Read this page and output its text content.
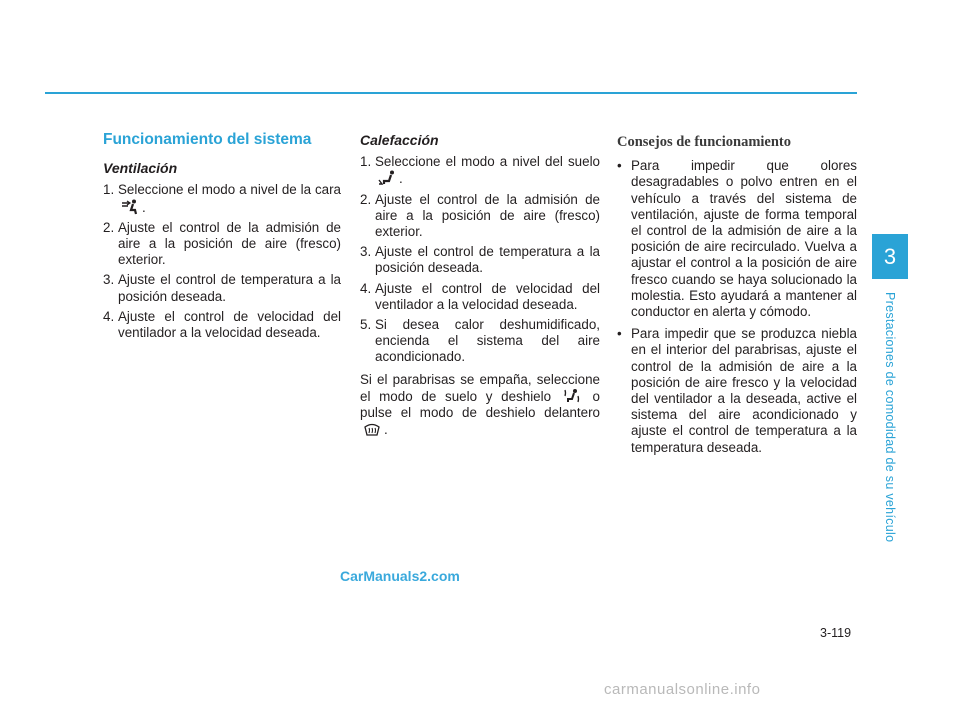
Funcionamiento del sistema
Ventilación
1. Seleccione el modo a nivel de la cara .
2. Ajuste el control de la admisión de aire a la posición de aire (fresco) exterior.
3. Ajuste el control de temperatura a la posición deseada.
4. Ajuste el control de velocidad del ventilador a la velocidad deseada.
Calefacción
1. Seleccione el modo a nivel del suelo .
2. Ajuste el control de la admisión de aire a la posición de aire (fresco) exterior.
3. Ajuste el control de temperatura a la posición deseada.
4. Ajuste el control de velocidad del ventilador a la velocidad deseada.
5. Si desea calor deshumidificado, encienda el sistema del aire acondicionado.

Si el parabrisas se empaña, seleccione el modo de suelo y deshielo	o pulse el modo de deshielo delantero .

Consejos de funcionamiento
• Para impedir que olores desagradables o polvo entren en el vehículo a través del sistema de ventilación, ajuste de forma temporal el control de la admisión de aire a la posición de aire recirculado. Vuelva a ajustar el control a la posición de aire fresco cuando se haya solucionado la molestia. Esto ayudará a mantener al conductor en alerta y cómodo.
• Para impedir que se produzca niebla en el interior del parabrisas, ajuste el control de la admisión de aire a la posición de aire fresco y la velocidad del ventilador a la deseada, active el sistema del aire acondicionado y ajuste el control de temperatura a la temperatura deseada.
3
Prestaciones de comodidad de su vehículo
3-119
CarManuals2.com
carmanualsonline.info
